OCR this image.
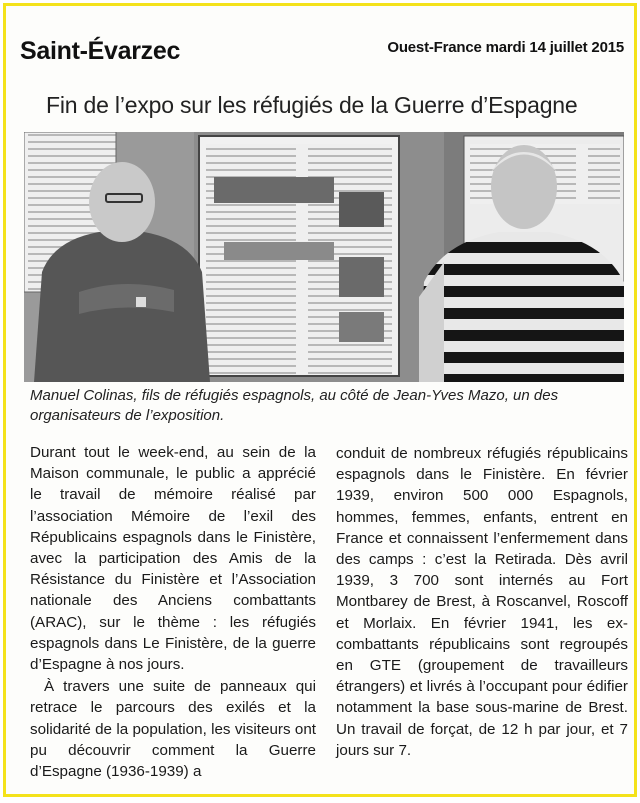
Saint-Évarzec	Ouest-France mardi 14 juillet 2015
Fin de l’expo sur les réfugiés de la Guerre d’Espagne
Manuel Colinas, fils de réfugiés espagnols, au côté de Jean-Yves Mazo, un des organisateurs de l’exposition.

Durant tout le week-end, au sein de la Maison communale, le public a apprécié le travail de mémoire réalisé par l’association Mémoire de l’exil des Républicains espagnols dans le Finistère, avec la participation des Amis de la Résistance du Finistère et l’Association nationale des Anciens combattants (ARAC), sur le thème : les réfugiés espagnols dans Le Finistère, de la guerre d’Espagne à nos jours.

À travers une suite de panneaux qui retrace le parcours des exilés et la solidarité de la population, les visiteurs ont pu découvrir comment la Guerre d’Espagne (1936-1939) a

conduit de nombreux réfugiés républicains espagnols dans le Finistère. En février 1939, environ 500 000 Espagnols, hommes, femmes, enfants, entrent en France et connaissent l’enfermement dans des camps : c’est la Retirada. Dès avril 1939, 3 700 sont internés au Fort Montbarey de Brest, à Roscanvel, Roscoff et Morlaix. En février 1941, les ex-combattants républicains sont regroupés en GTE (groupement de travailleurs étrangers) et livrés à l’occupant pour édifier notamment la base sous-marine de Brest. Un travail de forçat, de 12 h par jour, et 7 jours sur 7.
